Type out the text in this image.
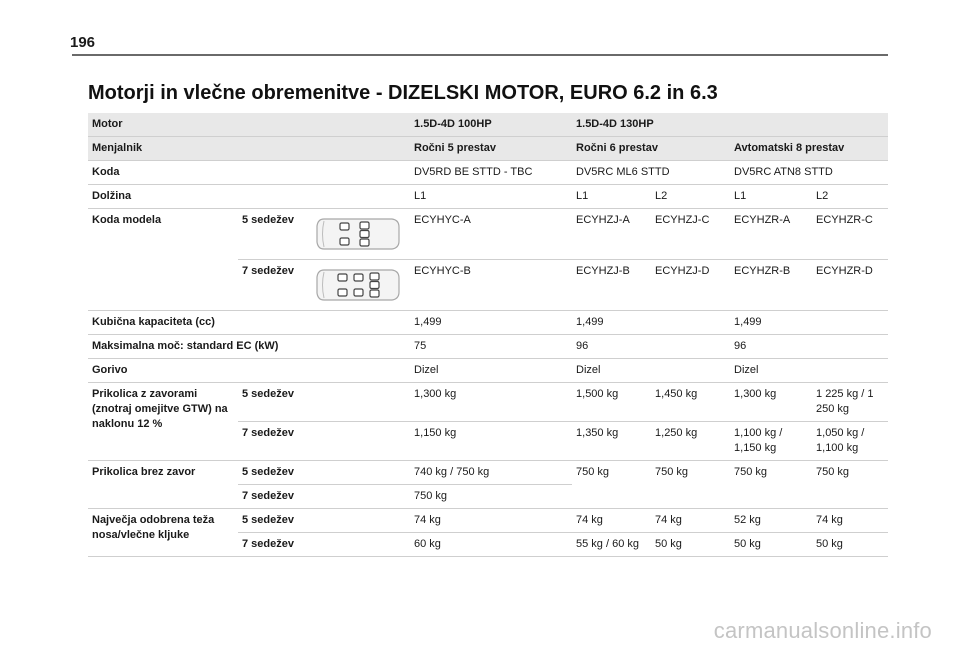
196
Motorji in vlečne obremenitve - DIZELSKI MOTOR, EURO 6.2 in 6.3
Motor			1.5D-4D 100HP	1.5D-4D 130HP			
Menjalnik			Ročni 5 prestav	Ročni 6 prestav		Avtomatski 8 prestav	
Koda			DV5RD BE STTD - TBC	DV5RC ML6 STTD		DV5RC ATN8 STTD	
Dolžina			L1	L1	L2	L1	L2
Koda modela	5 sedežev		ECYHYC-A	ECYHZJ-A	ECYHZJ-C	ECYHZR-A	ECYHZR-C
	7 sedežev		ECYHYC-B	ECYHZJ-B	ECYHZJ-D	ECYHZR-B	ECYHZR-D
Kubična kapaciteta (cc)			1,499	1,499		1,499	
Maksimalna moč: standard EC (kW)			75	96		96	
Gorivo			Dizel	Dizel		Dizel	
Prikolica z zavorami (znotraj omejitve GTW) na naklonu 12 %	5 sedežev		1,300 kg	1,500 kg	1,450 kg	1,300 kg	1 225 kg / 1 250 kg
	7 sedežev		1,150 kg	1,350 kg	1,250 kg	1,100 kg / 1,150 kg	1,050 kg / 1,100 kg
Prikolica brez zavor	5 sedežev		740 kg / 750 kg	750 kg	750 kg	750 kg	750 kg
	7 sedežev		750 kg				
Največja odobrena teža nosa/vlečne kljuke	5 sedežev		74 kg	74 kg	74 kg	52 kg	74 kg
	7 sedežev		60 kg	55 kg / 60 kg	50 kg	50 kg	50 kg
carmanualsonline.info
